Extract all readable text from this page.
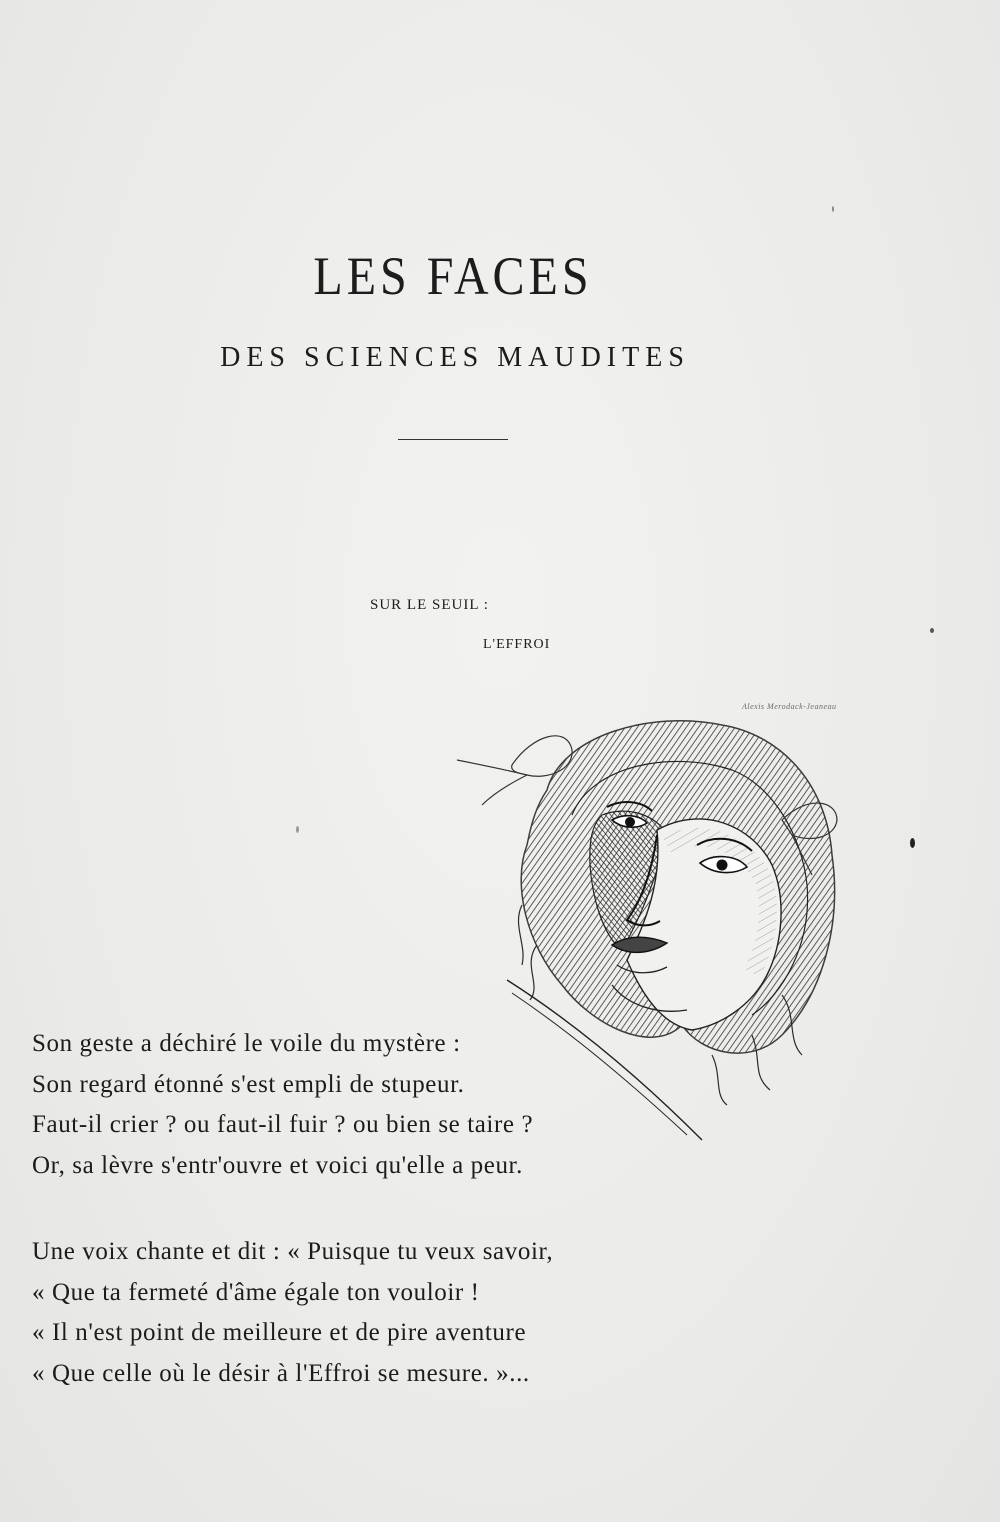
LES FACES
DES SCIENCES MAUDITES
SUR LE SEUIL :
L'EFFROI
Alexis Merodack-Jeaneau
Son geste a déchiré le voile du mystère :
Son regard étonné s'est empli de stupeur.
Faut-il crier ? ou faut-il fuir ? ou bien se taire ?
Or, sa lèvre s'entr'ouvre et voici qu'elle a peur.
Une voix chante et dit : « Puisque tu veux savoir,
« Que ta fermeté d'âme égale ton vouloir !
« Il n'est point de meilleure et de pire aventure
« Que celle où le désir à l'Effroi se mesure. »...
